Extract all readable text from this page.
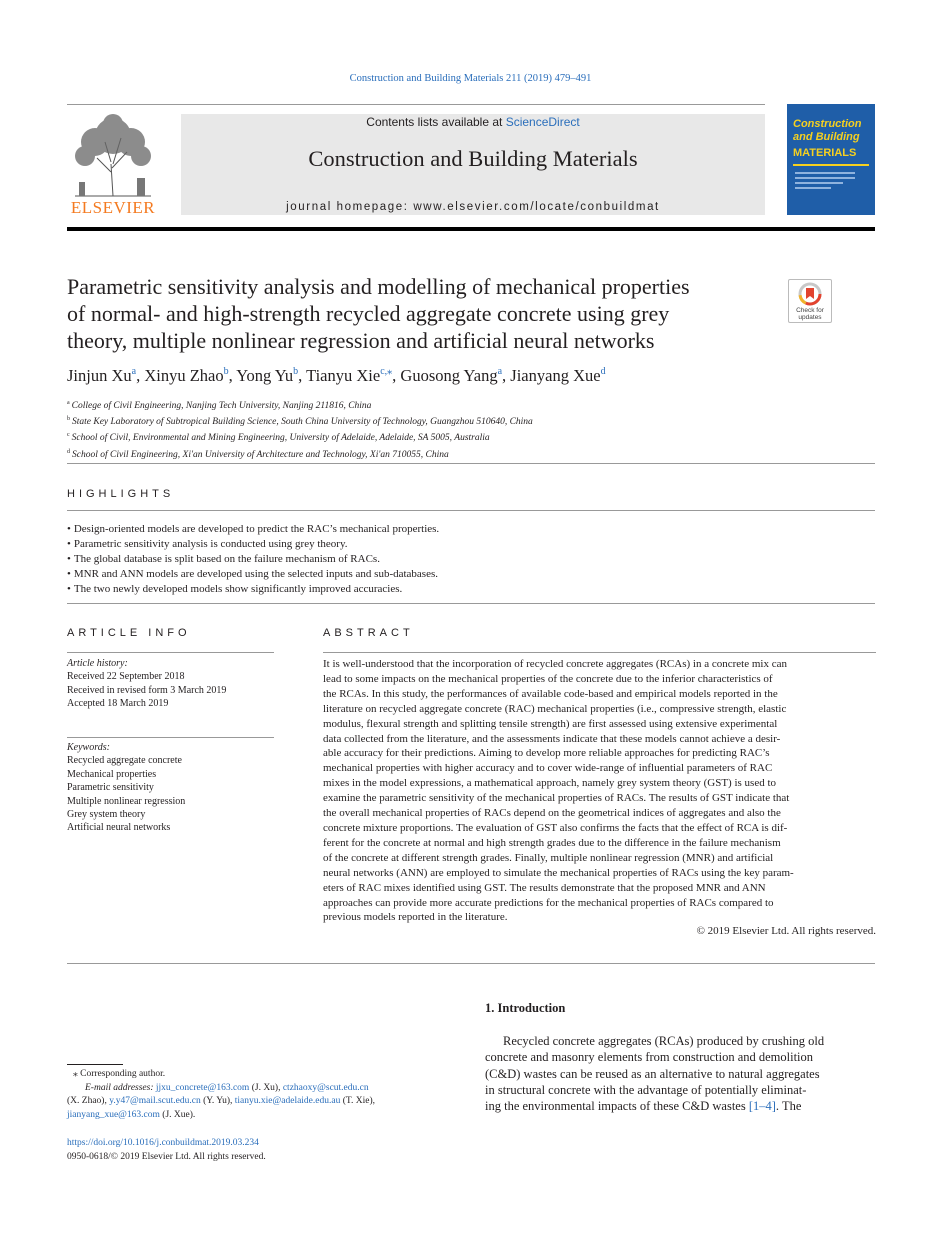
Construction and Building Materials 211 (2019) 479–491
ELSEVIER
Contents lists available at ScienceDirect
Construction and Building Materials
journal homepage: www.elsevier.com/locate/conbuildmat
Construction
and Building
MATERIALS
Parametric sensitivity analysis and modelling of mechanical properties
of normal- and high-strength recycled aggregate concrete using grey
theory, multiple nonlinear regression and artificial neural networks
Check for
updates
Jinjun Xu$^a$, Xinyu Zhao$^b$, Yong Yu$^b$, Tianyu Xie$^{c,⁎}$, Guosong Yang$^a$, Jianyang Xue$^d$
$^a$ College of Civil Engineering, Nanjing Tech University, Nanjing 211816, China
$^b$ State Key Laboratory of Subtropical Building Science, South China University of Technology, Guangzhou 510640, China
$^c$ School of Civil, Environmental and Mining Engineering, University of Adelaide, Adelaide, SA 5005, Australia
$^d$ School of Civil Engineering, Xi'an University of Architecture and Technology, Xi'an 710055, China
HIGHLIGHTS
• Design-oriented models are developed to predict the RAC’s mechanical properties.
• Parametric sensitivity analysis is conducted using grey theory.
• The global database is split based on the failure mechanism of RACs.
• MNR and ANN models are developed using the selected inputs and sub-databases.
• The two newly developed models show significantly improved accuracies.
ARTICLE INFO
Article history:
Received 22 September 2018
Received in revised form 3 March 2019
Accepted 18 March 2019
Keywords:
Recycled aggregate concrete
Mechanical properties
Parametric sensitivity
Multiple nonlinear regression
Grey system theory
Artificial neural networks
ABSTRACT
It is well-understood that the incorporation of recycled concrete aggregates (RCAs) in a concrete mix can
lead to some impacts on the mechanical properties of the concrete due to the inferior characteristics of
the RCAs. In this study, the performances of available code-based and empirical models reported in the
literature on recycled aggregate concrete (RAC) mechanical properties (i.e., compressive strength, elastic
modulus, flexural strength and splitting tensile strength) are first assessed using extensive experimental
data collected from the literature, and the assessments indicate that these models cannot achieve a desir-
able accuracy for their predictions. Aiming to develop more reliable approaches for predicting RAC’s
mechanical properties with higher accuracy and to cover wide-range of influential parameters of RAC
mixes in the model expressions, a mathematical approach, namely grey system theory (GST) is used to
examine the parametric sensitivity of the mechanical properties of RACs. The results of GST indicate that
the overall mechanical properties of RACs depend on the geometrical indices of aggregates and also the
concrete mixture proportions. The evaluation of GST also confirms the facts that the effect of RCA is dif-
ferent for the concrete at normal and high strength grades due to the difference in the failure mechanism
of the concrete at different strength grades. Finally, multiple nonlinear regression (MNR) and artificial
neural networks (ANN) are employed to simulate the mechanical properties of RACs using the key param-
eters of RAC mixes identified using GST. The results demonstrate that the proposed MNR and ANN
approaches can provide more accurate predictions for the mechanical properties of RACs compared to
previous models reported in the literature.
© 2019 Elsevier Ltd. All rights reserved.
1. Introduction
Recycled concrete aggregates (RCAs) produced by crushing old
concrete and masonry elements from construction and demolition
(C&D) wastes can be reused as an alternative to natural aggregates
in structural concrete with the advantage of potentially eliminat-
ing the environmental impacts of these C&D wastes [1–4]. The
⁎ Corresponding author.
E-mail addresses: jjxu_concrete@163.com (J. Xu), ctzhaoxy@scut.edu.cn
(X. Zhao), y.y47@mail.scut.edu.cn (Y. Yu), tianyu.xie@adelaide.edu.au (T. Xie),
jianyang_xue@163.com (J. Xue).
https://doi.org/10.1016/j.conbuildmat.2019.03.234
0950-0618/© 2019 Elsevier Ltd. All rights reserved.
